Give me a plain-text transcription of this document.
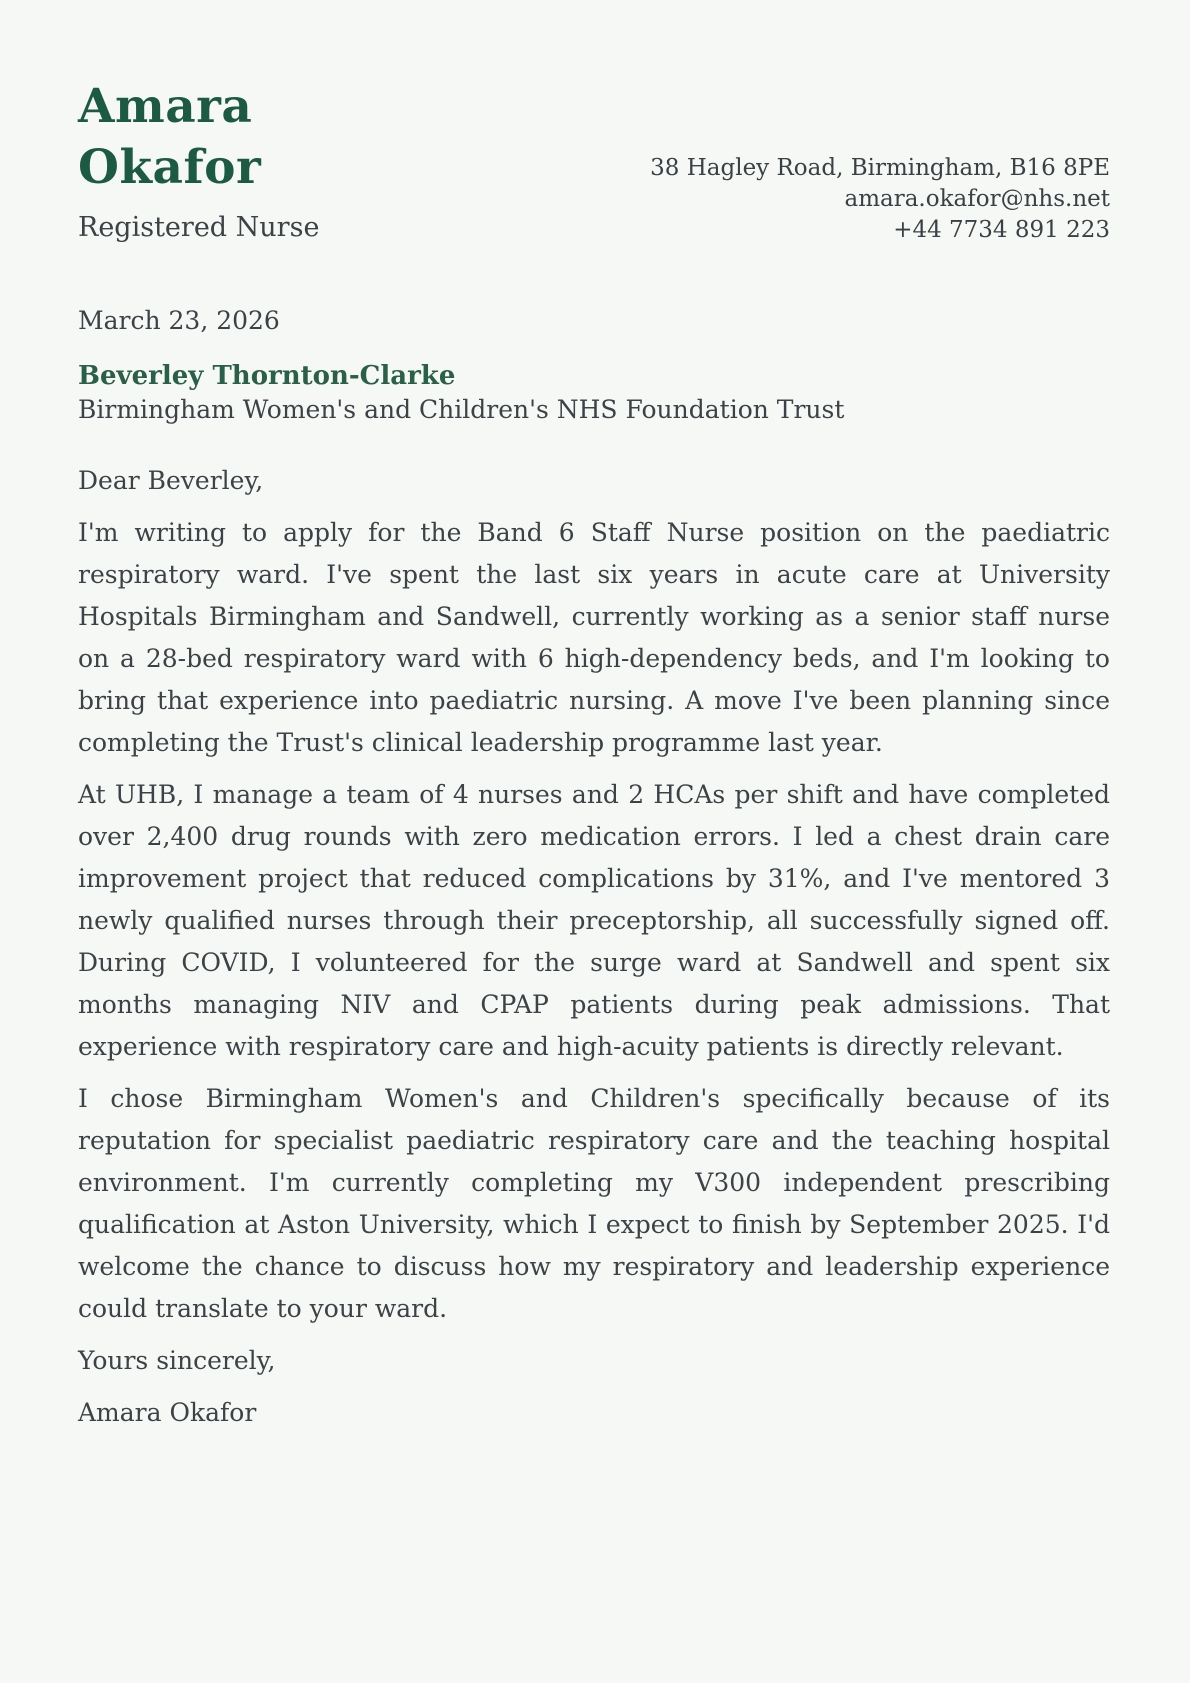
Amara Okafor
Registered Nurse
38 Hagley Road, Birmingham, B16 8PE
amara.okafor@nhs.net
+44 7734 891 223
March 23, 2026
Beverley Thornton-Clarke
Birmingham Women's and Children's NHS Foundation Trust
Dear Beverley,

I'm writing to apply for the Band 6 Staff Nurse position on the paediatric respiratory ward. I've spent the last six years in acute care at University Hospitals Birmingham and Sandwell, currently working as a senior staff nurse on a 28-bed respiratory ward with 6 high-dependency beds, and I'm looking to bring that experience into paediatric nursing. A move I've been planning since completing the Trust's clinical leadership programme last year.

At UHB, I manage a team of 4 nurses and 2 HCAs per shift and have completed over 2,400 drug rounds with zero medication errors. I led a chest drain care improvement project that reduced complications by 31%, and I've mentored 3 newly qualified nurses through their preceptorship, all successfully signed off. During COVID, I volunteered for the surge ward at Sandwell and spent six months managing NIV and CPAP patients during peak admissions. That experience with respiratory care and high-acuity patients is directly relevant.

I chose Birmingham Women's and Children's specifically because of its reputation for specialist paediatric respiratory care and the teaching hospital environment. I'm currently completing my V300 independent prescribing qualification at Aston University, which I expect to finish by September 2025. I'd welcome the chance to discuss how my respiratory and leadership experience could translate to your ward.

Yours sincerely,
Amara Okafor
